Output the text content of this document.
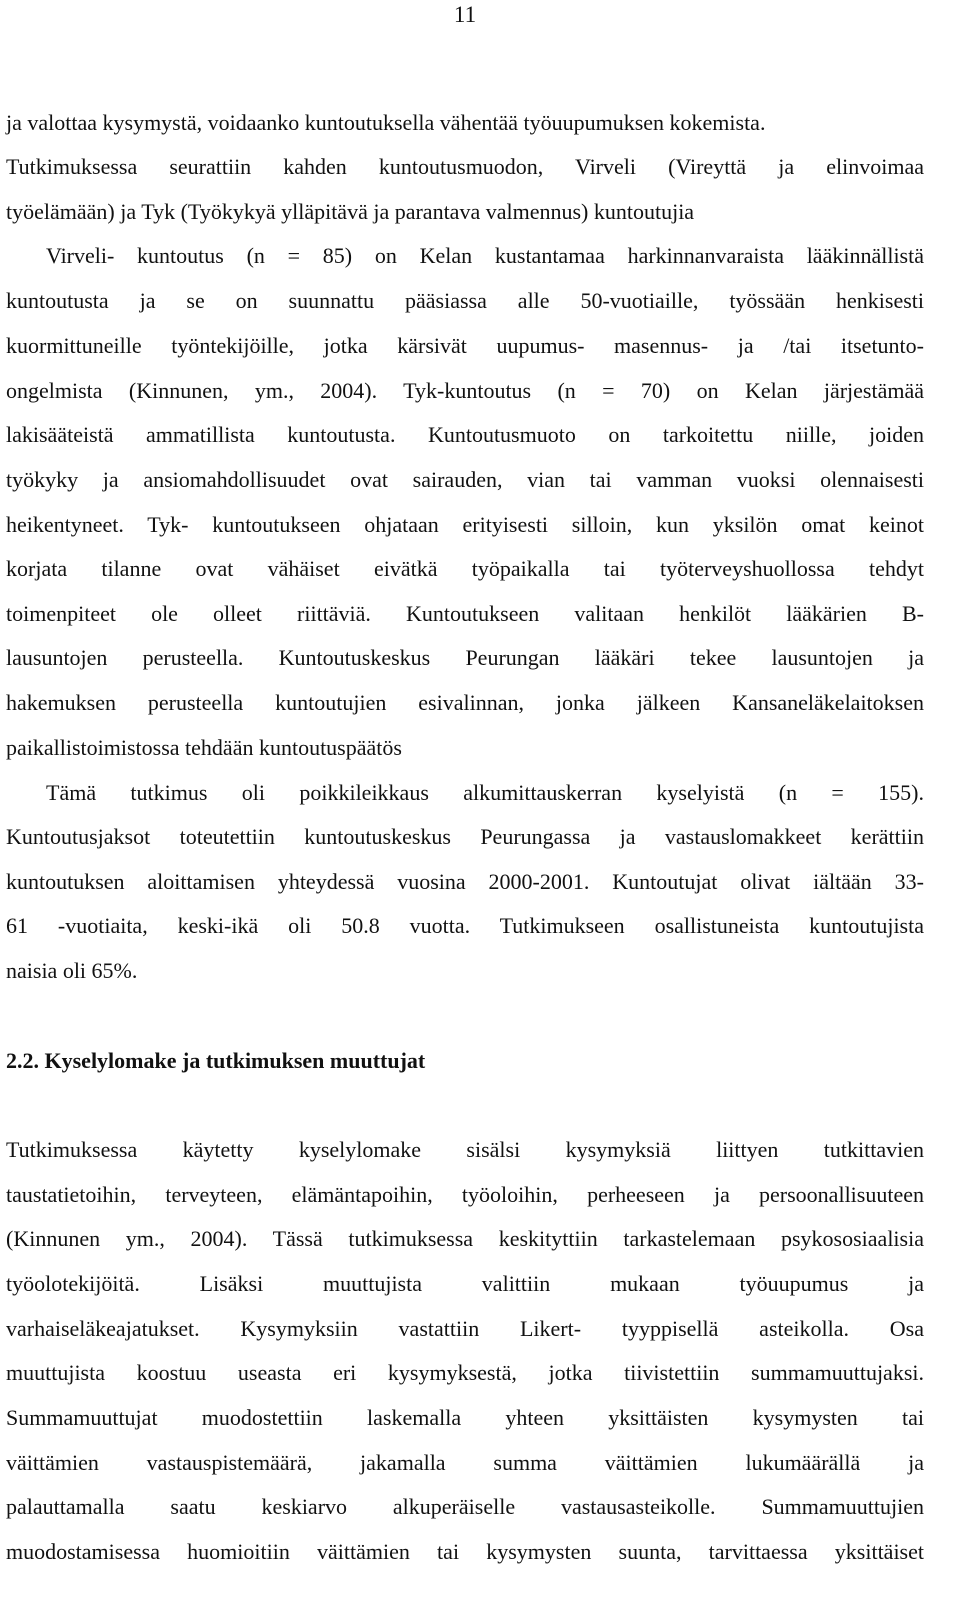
11
ja valottaa kysymystä, voidaanko kuntoutuksella vähentää työuupumuksen kokemista.
Tutkimuksessa seurattiin kahden kuntoutusmuodon, Virveli (Vireyttä ja elinvoimaa
työelämään) ja Tyk (Työkykyä ylläpitävä ja parantava valmennus) kuntoutujia
Virveli- kuntoutus (n = 85) on Kelan kustantamaa harkinnanvaraista lääkinnällistä
kuntoutusta ja se on suunnattu pääsiassa alle 50-vuotiaille, työssään henkisesti
kuormittuneille työntekijöille, jotka kärsivät uupumus- masennus- ja /tai itsetunto-
ongelmista (Kinnunen, ym., 2004). Tyk-kuntoutus (n = 70) on Kelan järjestämää
lakisääteistä ammatillista kuntoutusta. Kuntoutusmuoto on tarkoitettu niille, joiden
työkyky ja ansiomahdollisuudet ovat sairauden, vian tai vamman vuoksi olennaisesti
heikentyneet. Tyk- kuntoutukseen ohjataan erityisesti silloin, kun yksilön omat keinot
korjata tilanne ovat vähäiset eivätkä työpaikalla tai työterveyshuollossa tehdyt
toimenpiteet ole olleet riittäviä. Kuntoutukseen valitaan henkilöt lääkärien B-
lausuntojen perusteella. Kuntoutuskeskus Peurungan lääkäri tekee lausuntojen ja
hakemuksen perusteella kuntoutujien esivalinnan, jonka jälkeen Kansaneläkelaitoksen
paikallistoimistossa tehdään kuntoutuspäätös
Tämä tutkimus oli poikkileikkaus alkumittauskerran kyselyistä (n = 155).
Kuntoutusjaksot toteutettiin kuntoutuskeskus Peurungassa ja vastauslomakkeet kerättiin
kuntoutuksen aloittamisen yhteydessä vuosina 2000-2001. Kuntoutujat olivat iältään 33-
61 -vuotiaita, keski-ikä oli 50.8 vuotta. Tutkimukseen osallistuneista kuntoutujista
naisia oli 65%.
2.2. Kyselylomake ja tutkimuksen muuttujat
Tutkimuksessa käytetty kyselylomake sisälsi kysymyksiä liittyen tutkittavien
taustatietoihin, terveyteen, elämäntapoihin, työoloihin, perheeseen ja persoonallisuuteen
(Kinnunen ym., 2004). Tässä tutkimuksessa keskityttiin tarkastelemaan psykososiaalisia
työolotekijöitä. Lisäksi muuttujista valittiin mukaan työuupumus ja
varhaiseläkeajatukset. Kysymyksiin vastattiin Likert- tyyppisellä asteikolla. Osa
muuttujista koostuu useasta eri kysymyksestä, jotka tiivistettiin summamuuttujaksi.
Summamuuttujat muodostettiin laskemalla yhteen yksittäisten kysymysten tai
väittämien vastauspistemäärä, jakamalla summa väittämien lukumäärällä ja
palauttamalla saatu keskiarvo alkuperäiselle vastausasteikolle. Summamuuttujien
muodostamisessa huomioitiin väittämien tai kysymysten suunta, tarvittaessa yksittäiset
